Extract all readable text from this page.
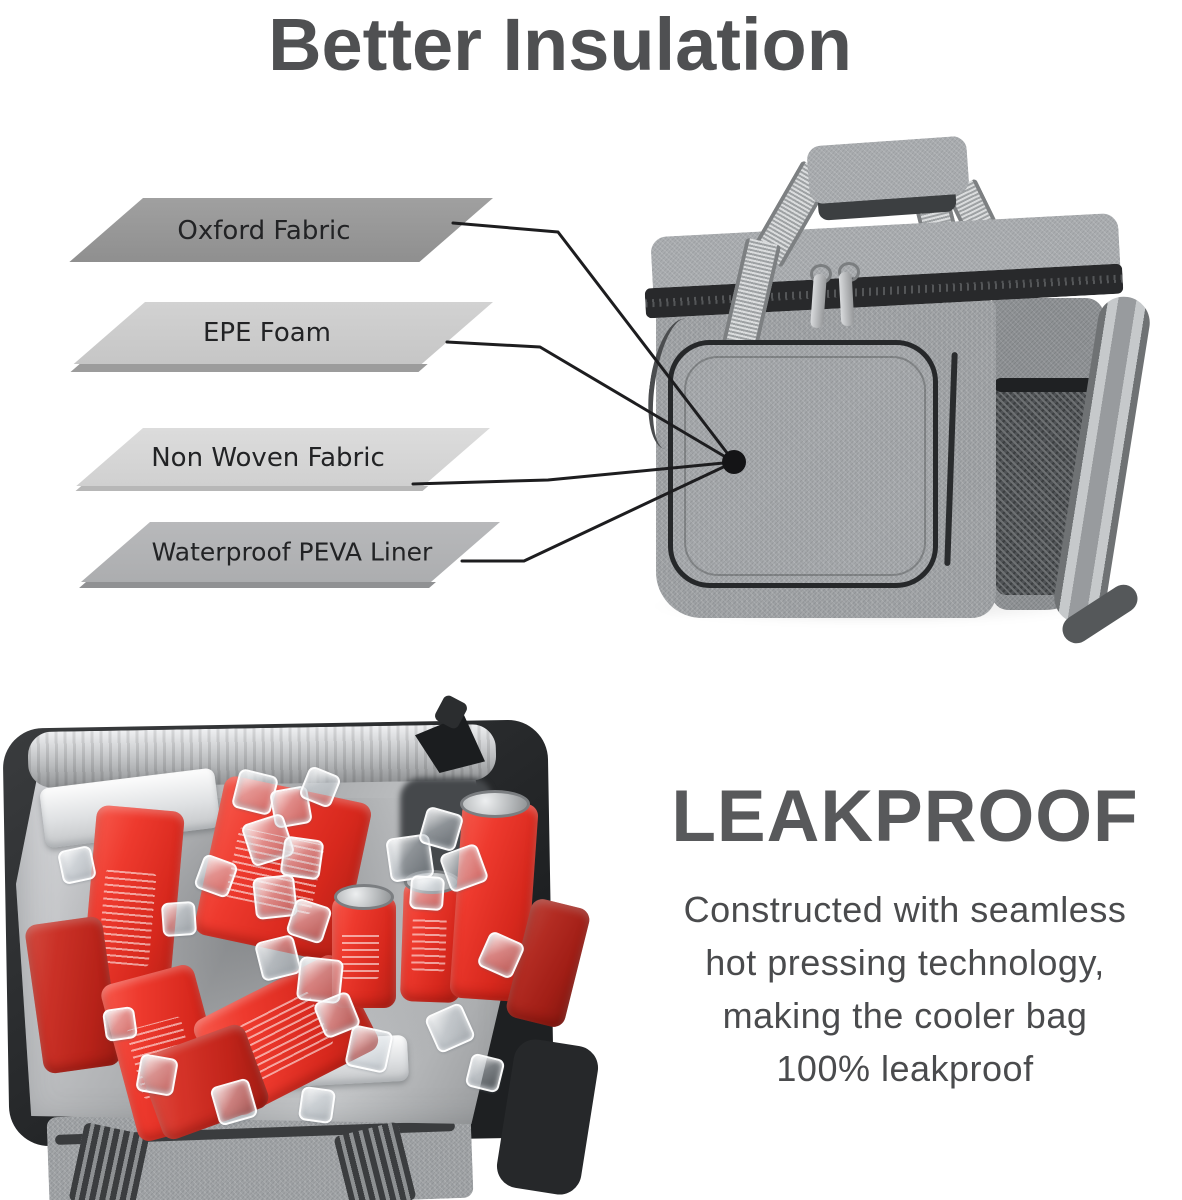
Better Insulation
Oxford Fabric
EPE Foam
Non Woven Fabric
Waterproof PEVA Liner
LEAKPROOF
Constructed with seamless
hot pressing technology,
making the cooler bag
100% leakproof
